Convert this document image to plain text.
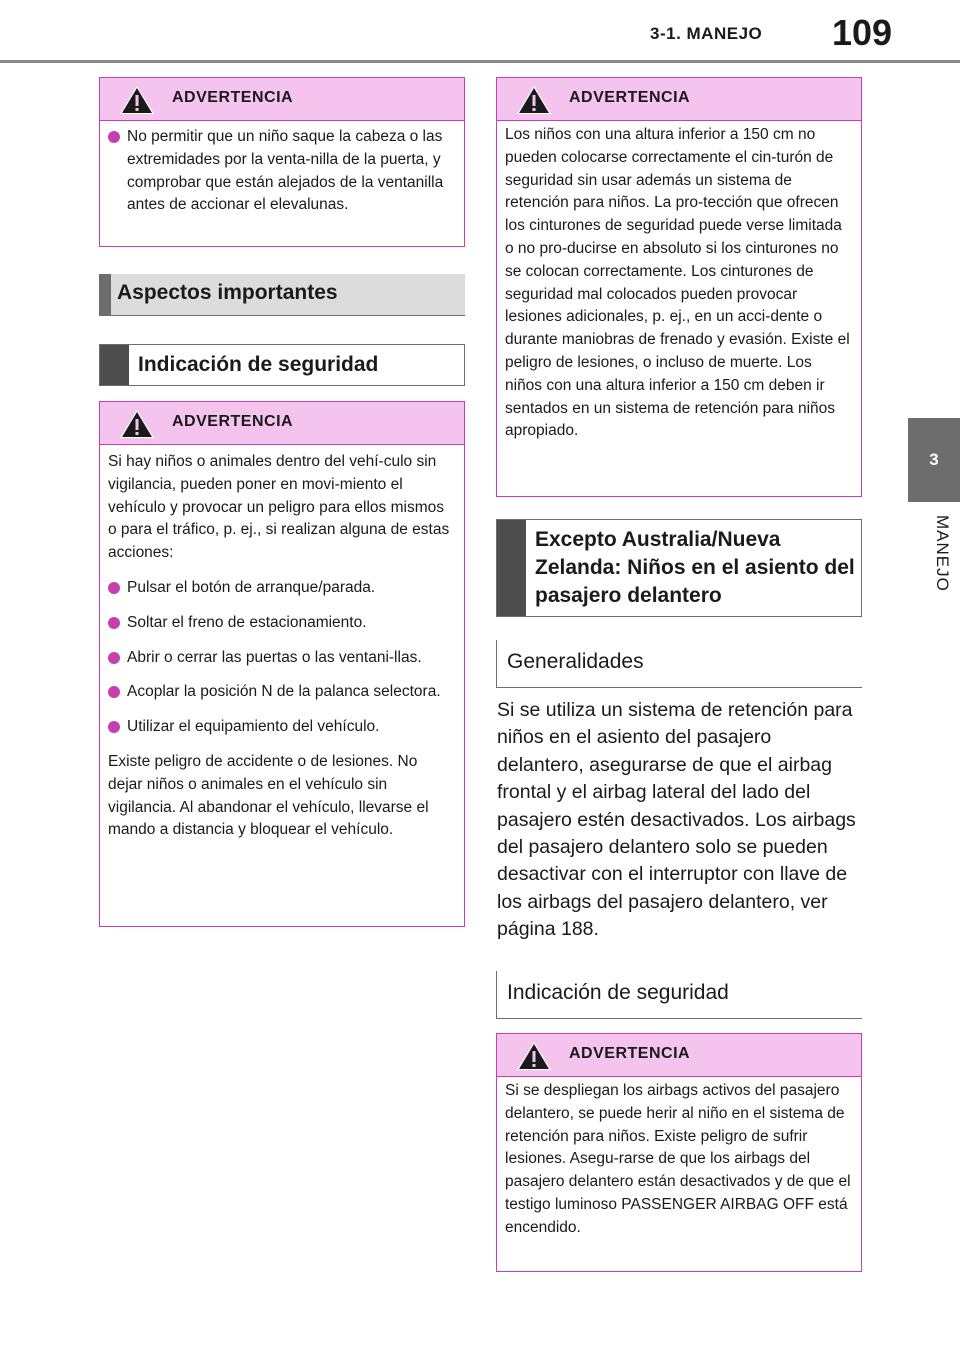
3-1. MANEJO 109
3
MANEJO
ADVERTENCIA
No permitir que un niño saque la cabeza o las extremidades por la venta-nilla de la puerta, y comprobar que están alejados de la ventanilla antes de accionar el elevalunas.
Aspectos importantes
Indicación de seguridad
ADVERTENCIA

Si hay niños o animales dentro del vehí-culo sin vigilancia, pueden poner en movi-miento el vehículo y provocar un peligro para ellos mismos o para el tráfico, p. ej., si realizan alguna de estas acciones:

Pulsar el botón de arranque/parada.
Soltar el freno de estacionamiento.
Abrir o cerrar las puertas o las ventani-llas.
Acoplar la posición N de la palanca selectora.
Utilizar el equipamiento del vehículo.

Existe peligro de accidente o de lesiones. No dejar niños o animales en el vehículo sin vigilancia. Al abandonar el vehículo, llevarse el mando a distancia y bloquear el vehículo.

ADVERTENCIA

Los niños con una altura inferior a 150 cm no pueden colocarse correctamente el cin-turón de seguridad sin usar además un sistema de retención para niños. La pro-tección que ofrecen los cinturones de seguridad puede verse limitada o no pro-ducirse en absoluto si los cinturones no se colocan correctamente. Los cinturones de seguridad mal colocados pueden provocar lesiones adicionales, p. ej., en un acci-dente o durante maniobras de frenado y evasión. Existe el peligro de lesiones, o incluso de muerte. Los niños con una altura inferior a 150 cm deben ir sentados en un sistema de retención para niños apropiado.

Excepto Australia/Nueva Zelanda: Niños en el asiento del pasajero delantero
Generalidades
Si se utiliza un sistema de retención para niños en el asiento del pasajero delantero, asegurarse de que el airbag frontal y el airbag lateral del lado del pasajero estén desactivados. Los airbags del pasajero delantero solo se pueden desactivar con el interruptor con llave de los airbags del pasajero delantero, ver página 188.
Indicación de seguridad
ADVERTENCIA

Si se despliegan los airbags activos del pasajero delantero, se puede herir al niño en el sistema de retención para niños. Existe peligro de sufrir lesiones. Asegu-rarse de que los airbags del pasajero delantero están desactivados y de que el testigo luminoso PASSENGER AIRBAG OFF está encendido.
